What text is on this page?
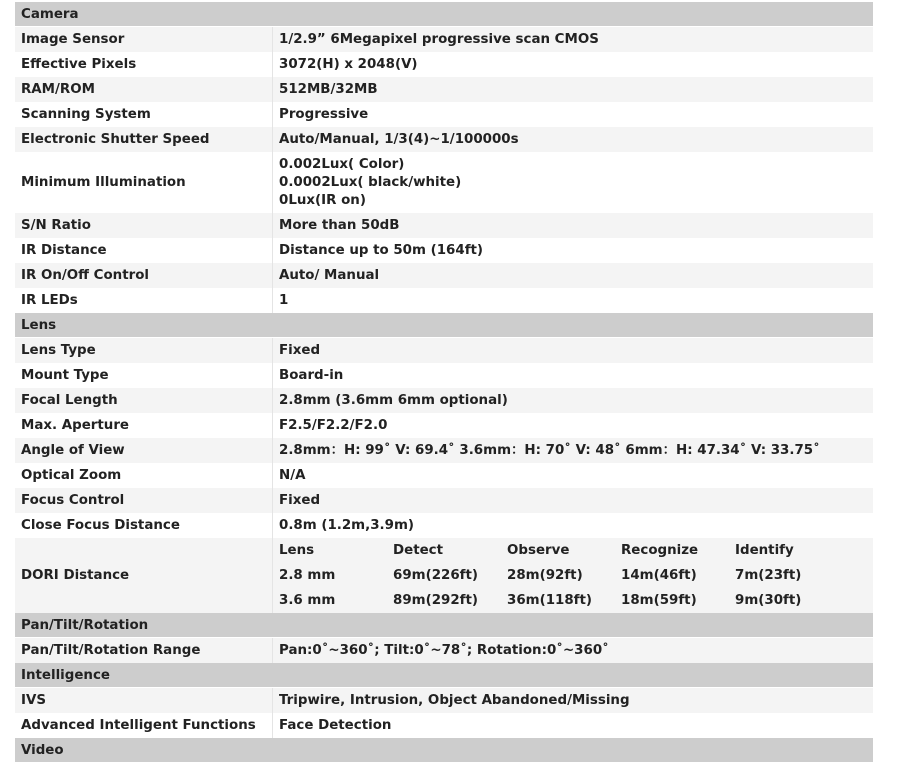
Camera
Image Sensor	1/2.9” 6Megapixel progressive scan CMOS
Effective Pixels	3072(H) x 2048(V)
RAM/ROM	512MB/32MB
Scanning System	Progressive
Electronic Shutter Speed	Auto/Manual, 1/3(4)~1/100000s
Minimum Illumination
0.002Lux( Color)
0.0002Lux( black/white)
0Lux(IR on)
S/N Ratio	More than 50dB
IR Distance	Distance up to 50m (164ft)
IR On/Off Control	Auto/ Manual
IR LEDs	1
Lens
Lens Type	Fixed
Mount Type	Board-in
Focal Length	2.8mm (3.6mm 6mm optional)
Max. Aperture	F2.5/F2.2/F2.0
Angle of View	2.8mm：H: 99˚ V: 69.4˚ 3.6mm：H: 70˚ V: 48˚ 6mm：H: 47.34˚ V: 33.75˚
Optical Zoom	N/A
Focus Control	Fixed
Close Focus Distance	0.8m (1.2m,3.9m)
DORI Distance
Lens	Detect	Observe	Recognize	Identify
2.8 mm	69m(226ft)	28m(92ft)	14m(46ft)	7m(23ft)
3.6 mm	89m(292ft)	36m(118ft)	18m(59ft)	9m(30ft)
Pan/Tilt/Rotation
Pan/Tilt/Rotation Range	Pan:0˚~360˚; Tilt:0˚~78˚; Rotation:0˚~360˚
Intelligence
IVS	Tripwire, Intrusion, Object Abandoned/Missing
Advanced Intelligent Functions	Face Detection
Video
